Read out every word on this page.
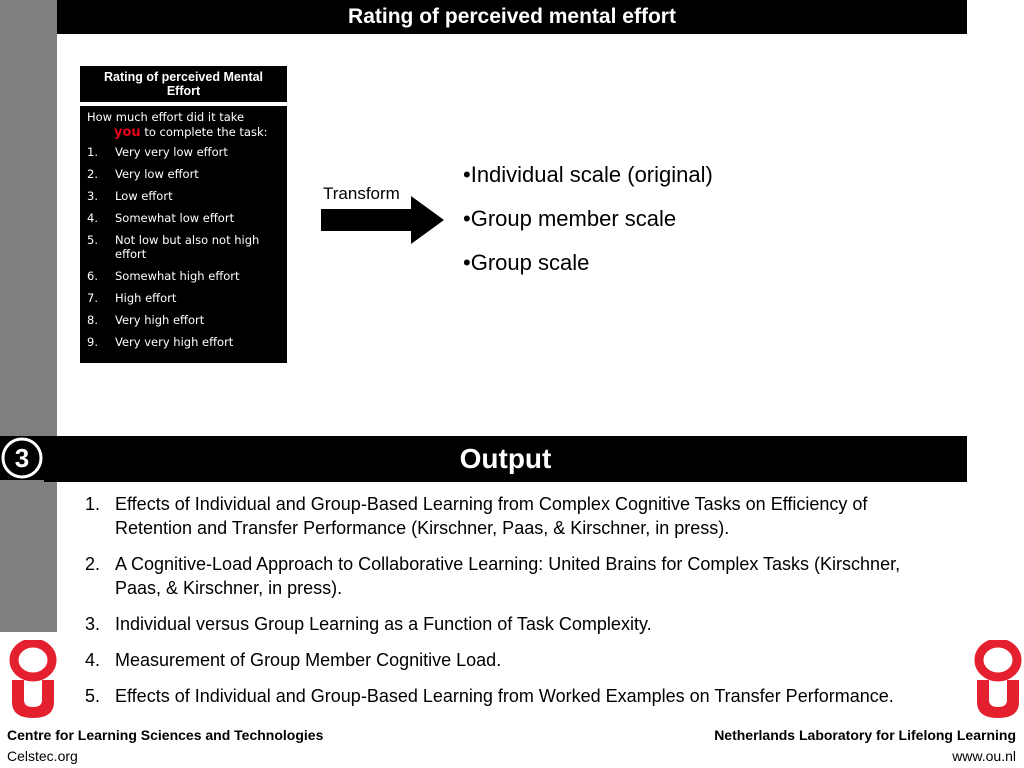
Rating of perceived mental effort
Rating of perceived Mental Effort
How much effort did it take
you to complete the task:
1. Very very low effort
2. Very low effort
3. Low effort
4. Somewhat low effort
5. Not low but also not high effort
6. Somewhat high effort
7. High effort
8. Very high effort
9. Very very high effort
Transform
•Individual scale (original)
•Group member scale
•Group scale
3	Output
1. Effects of Individual and Group-Based Learning from Complex Cognitive Tasks on Efficiency of Retention and Transfer Performance (Kirschner, Paas, & Kirschner, in press).
2. A Cognitive-Load Approach to Collaborative Learning: United Brains for Complex Tasks (Kirschner, Paas, & Kirschner, in press).
3. Individual versus Group Learning as a Function of Task Complexity.
4. Measurement of Group Member Cognitive Load.
5. Effects of Individual and Group-Based Learning from Worked Examples on Transfer Performance.
Centre for Learning Sciences and Technologies
Celstec.org
Netherlands Laboratory for Lifelong Learning
www.ou.nl
